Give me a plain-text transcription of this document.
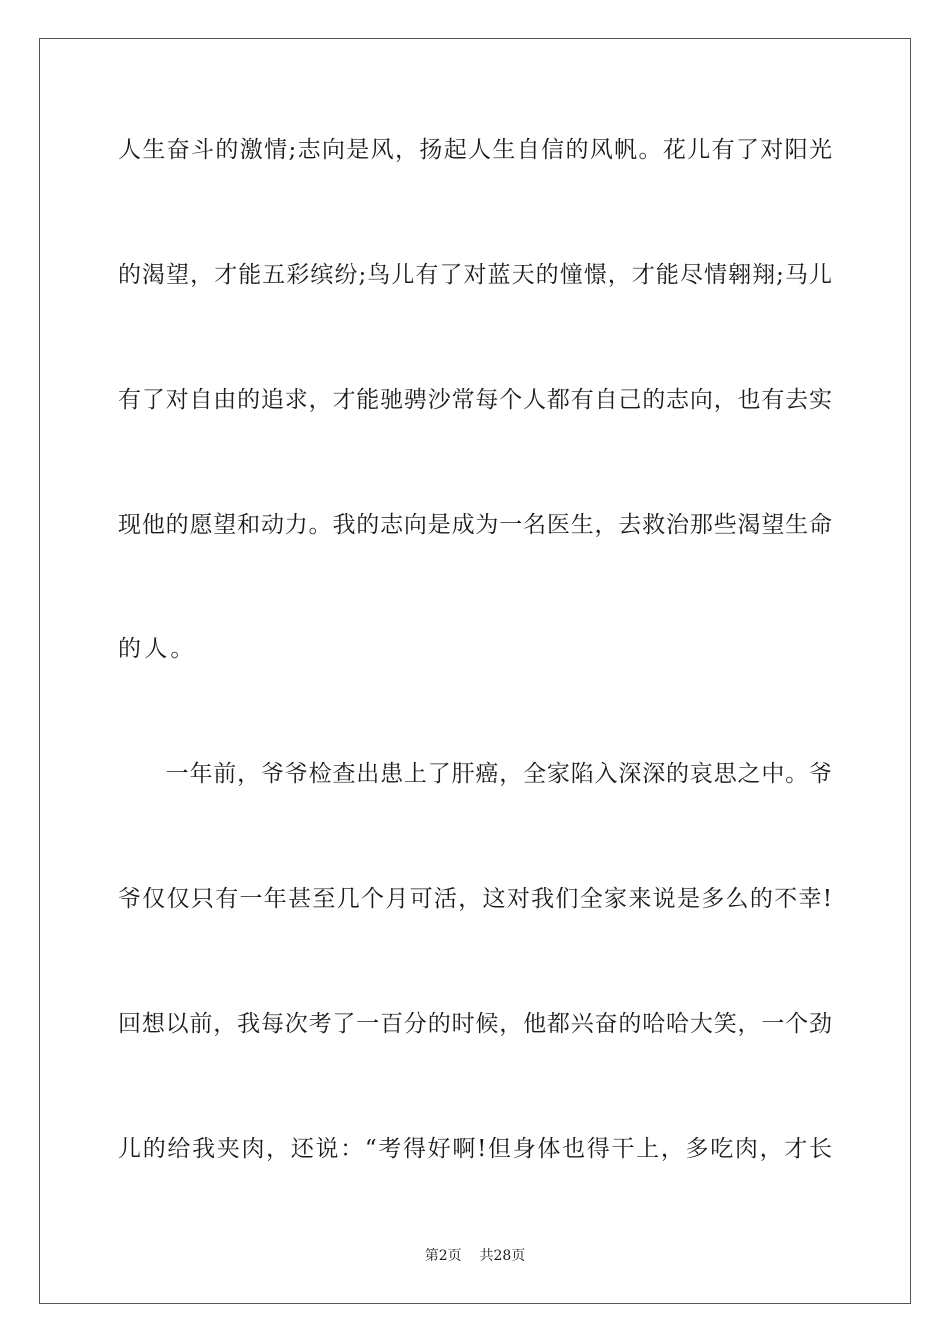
人生奋斗的激情;志向是风，扬起人生自信的风帆。花儿有了对阳光
的渴望，才能五彩缤纷;鸟儿有了对蓝天的憧憬，才能尽情翱翔;马儿
有了对自由的追求，才能驰骋沙常每个人都有自己的志向，也有去实
现他的愿望和动力。我的志向是成为一名医生，去救治那些渴望生命
的人。
　　一年前，爷爷检查出患上了肝癌，全家陷入深深的哀思之中。爷
爷仅仅只有一年甚至几个月可活，这对我们全家来说是多么的不幸!
回想以前，我每次考了一百分的时候，他都兴奋的哈哈大笑，一个劲
儿的给我夹肉，还说：“考得好啊!但身体也得干上，多吃肉，才长
第2页 共28页
